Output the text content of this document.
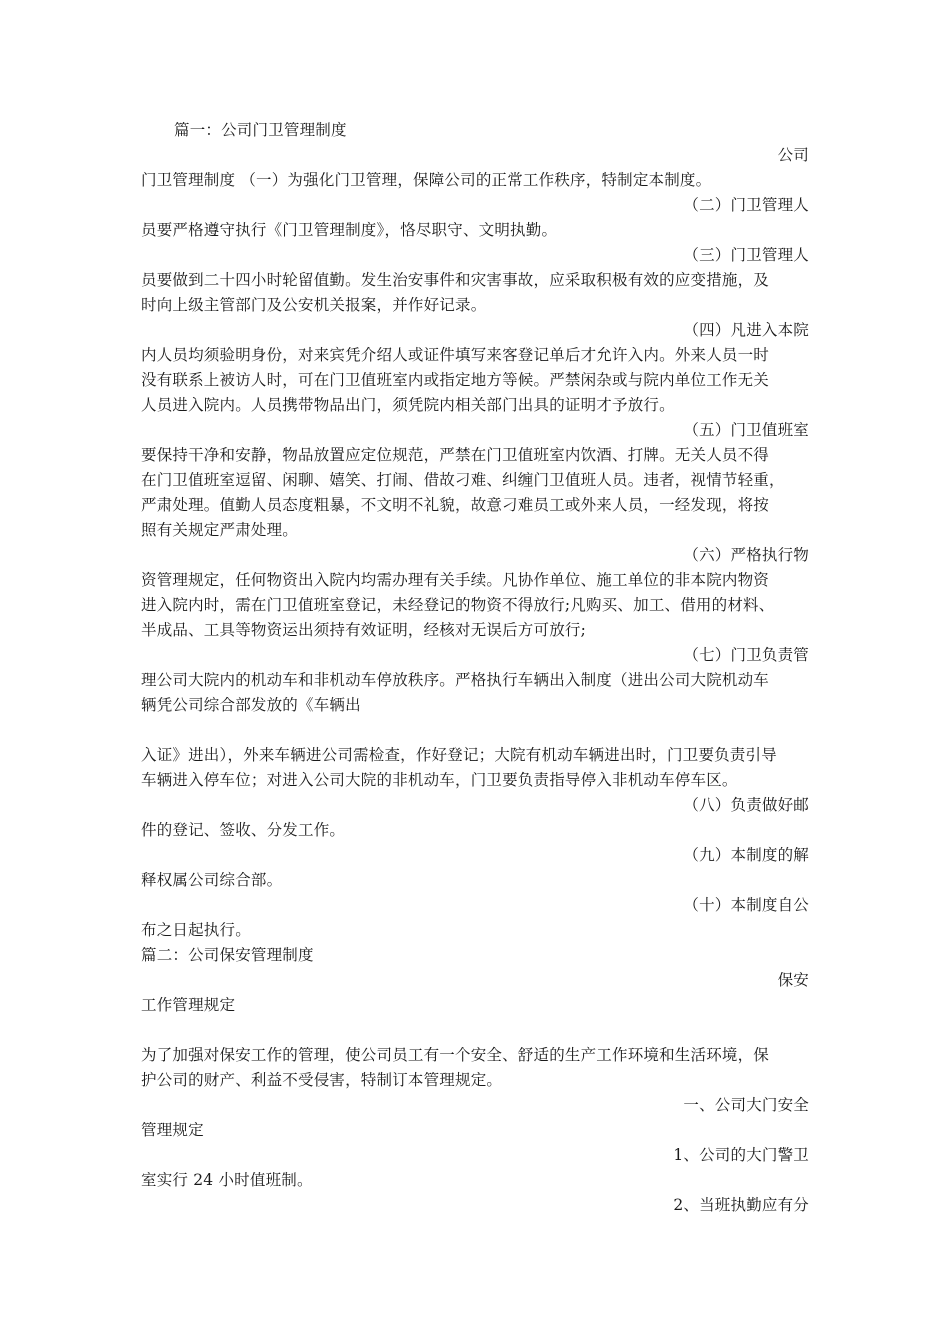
篇一：公司门卫管理制度
公司
门卫管理制度 （一）为强化门卫管理，保障公司的正常工作秩序，特制定本制度。
（二）门卫管理人
员要严格遵守执行《门卫管理制度》，恪尽职守、文明执勤。
（三）门卫管理人
员要做到二十四小时轮留值勤。发生治安事件和灾害事故，应采取积极有效的应变措施，及
时向上级主管部门及公安机关报案，并作好记录。
（四）凡进入本院
内人员均须验明身份，对来宾凭介绍人或证件填写来客登记单后才允许入内。外来人员一时
没有联系上被访人时，可在门卫值班室内或指定地方等候。严禁闲杂或与院内单位工作无关
人员进入院内。人员携带物品出门，须凭院内相关部门出具的证明才予放行。
（五）门卫值班室
要保持干净和安静，物品放置应定位规范，严禁在门卫值班室内饮酒、打牌。无关人员不得
在门卫值班室逗留、闲聊、嬉笑、打闹、借故刁难、纠缠门卫值班人员。违者，视情节轻重，
严肃处理。值勤人员态度粗暴，不文明不礼貌，故意刁难员工或外来人员，一经发现，将按
照有关规定严肃处理。
（六）严格执行物
资管理规定，任何物资出入院内均需办理有关手续。凡协作单位、施工单位的非本院内物资
进入院内时，需在门卫值班室登记，未经登记的物资不得放行;凡购买、加工、借用的材料、
半成品、工具等物资运出须持有效证明，经核对无误后方可放行;
（七）门卫负责管
理公司大院内的机动车和非机动车停放秩序。严格执行车辆出入制度（进出公司大院机动车
辆凭公司综合部发放的《车辆出
入证》进出），外来车辆进公司需检查，作好登记；大院有机动车辆进出时，门卫要负责引导
车辆进入停车位；对进入公司大院的非机动车，门卫要负责指导停入非机动车停车区。
（八）负责做好邮
件的登记、签收、分发工作。
（九）本制度的解
释权属公司综合部。
（十）本制度自公
布之日起执行。
篇二：公司保安管理制度
保安
工作管理规定
为了加强对保安工作的管理，使公司员工有一个安全、舒适的生产工作环境和生活环境，保
护公司的财产、利益不受侵害，特制订本管理规定。
一、公司大门安全
管理规定
1、公司的大门警卫
室实行 24 小时值班制。
2、当班执勤应有分
